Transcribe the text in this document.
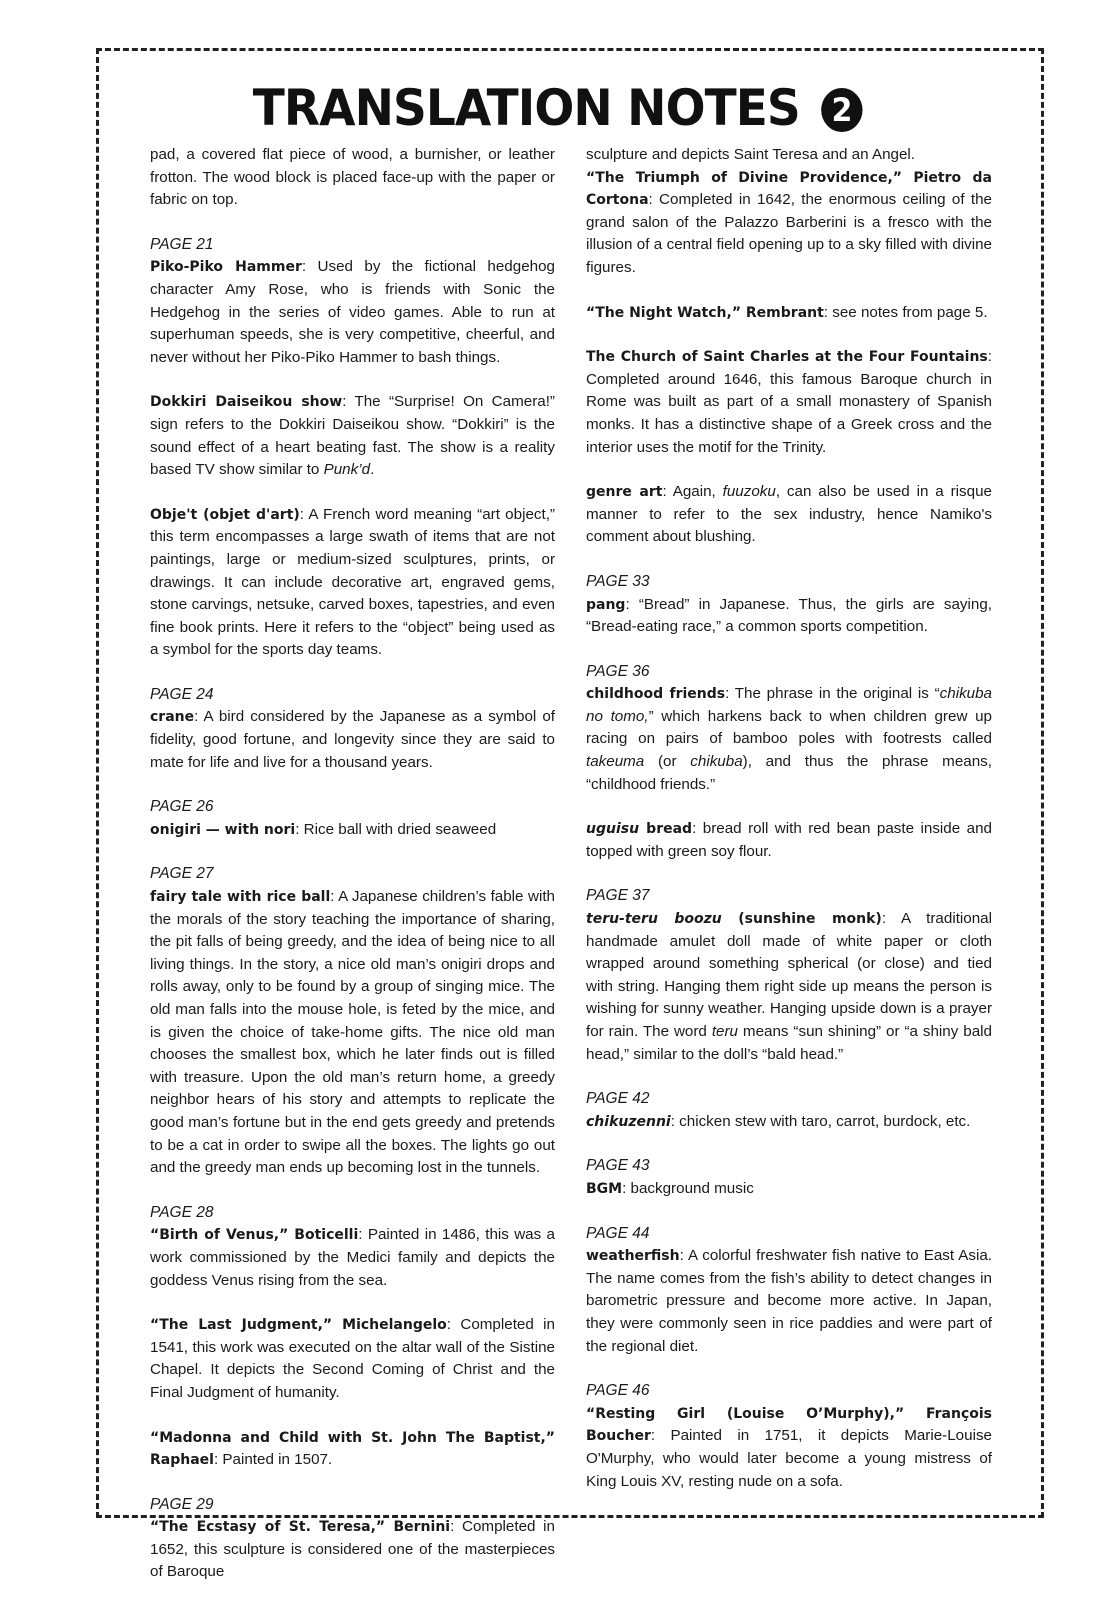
TRANSLATION NOTES 2

pad, a covered flat piece of wood, a burnisher, or leather frotton. The wood block is placed face-up with the paper or fabric on top.

PAGE 21

Piko-Piko Hammer: Used by the fictional hedgehog character Amy Rose, who is friends with Sonic the Hedgehog in the series of video games. Able to run at superhuman speeds, she is very competitive, cheerful, and never without her Piko-Piko Hammer to bash things.

Dokkiri Daiseikou show: The “Surprise! On Camera!” sign refers to the Dokkiri Daiseikou show. “Dokkiri” is the sound effect of a heart beating fast. The show is a reality based TV show similar to Punk’d.

Obje't (objet d'art): A French word meaning “art object,” this term encompasses a large swath of items that are not paintings, large or medium-sized sculptures, prints, or drawings. It can include decorative art, engraved gems, stone carvings, netsuke, carved boxes, tapestries, and even fine book prints. Here it refers to the “object” being used as a symbol for the sports day teams.

PAGE 24

crane: A bird considered by the Japanese as a symbol of fidelity, good fortune, and longevity since they are said to mate for life and live for a thousand years.

PAGE 26

onigiri — with nori: Rice ball with dried seaweed

PAGE 27

fairy tale with rice ball: A Japanese children’s fable with the morals of the story teaching the importance of sharing, the pit falls of being greedy, and the idea of being nice to all living things. In the story, a nice old man’s onigiri drops and rolls away, only to be found by a group of singing mice. The old man falls into the mouse hole, is feted by the mice, and is given the choice of take-home gifts. The nice old man chooses the smallest box, which he later finds out is filled with treasure. Upon the old man’s return home, a greedy neighbor hears of his story and attempts to replicate the good man’s fortune but in the end gets greedy and pretends to be a cat in order to swipe all the boxes. The lights go out and the greedy man ends up becoming lost in the tunnels.

PAGE 28

“Birth of Venus,” Boticelli: Painted in 1486, this was a work commissioned by the Medici family and depicts the goddess Venus rising from the sea.

“The Last Judgment,” Michelangelo: Completed in 1541, this work was executed on the altar wall of the Sistine Chapel. It depicts the Second Coming of Christ and the Final Judgment of humanity.

“Madonna and Child with St. John The Baptist,” Raphael: Painted in 1507.

PAGE 29

“The Ecstasy of St. Teresa,” Bernini: Completed in 1652, this sculpture is considered one of the masterpieces of Baroque

sculpture and depicts Saint Teresa and an Angel.

“The Triumph of Divine Providence,” Pietro da Cortona: Completed in 1642, the enormous ceiling of the grand salon of the Palazzo Barberini is a fresco with the illusion of a central field opening up to a sky filled with divine figures.

“The Night Watch,” Rembrant: see notes from page 5.

The Church of Saint Charles at the Four Fountains: Completed around 1646, this famous Baroque church in Rome was built as part of a small monastery of Spanish monks. It has a distinctive shape of a Greek cross and the interior uses the motif for the Trinity.

genre art: Again, fuuzoku, can also be used in a risque manner to refer to the sex industry, hence Namiko's comment about blushing.

PAGE 33

pang: “Bread” in Japanese. Thus, the girls are saying, “Bread-eating race,” a common sports competition.

PAGE 36

childhood friends: The phrase in the original is “chikuba no tomo,” which harkens back to when children grew up racing on pairs of bamboo poles with footrests called takeuma (or chikuba), and thus the phrase means, “childhood friends.”

uguisu bread: bread roll with red bean paste inside and topped with green soy flour.

PAGE 37

teru-teru boozu (sunshine monk): A traditional handmade amulet doll made of white paper or cloth wrapped around something spherical (or close) and tied with string. Hanging them right side up means the person is wishing for sunny weather. Hanging upside down is a prayer for rain. The word teru means “sun shining” or “a shiny bald head,” similar to the doll’s “bald head.”

PAGE 42

chikuzenni: chicken stew with taro, carrot, burdock, etc.

PAGE 43

BGM: background music

PAGE 44

weatherfish: A colorful freshwater fish native to East Asia. The name comes from the fish’s ability to detect changes in barometric pressure and become more active. In Japan, they were commonly seen in rice paddies and were part of the regional diet.

PAGE 46

“Resting Girl (Louise O’Murphy),” François Boucher: Painted in 1751, it depicts Marie-Louise O'Murphy, who would later become a young mistress of King Louis XV, resting nude on a sofa.
